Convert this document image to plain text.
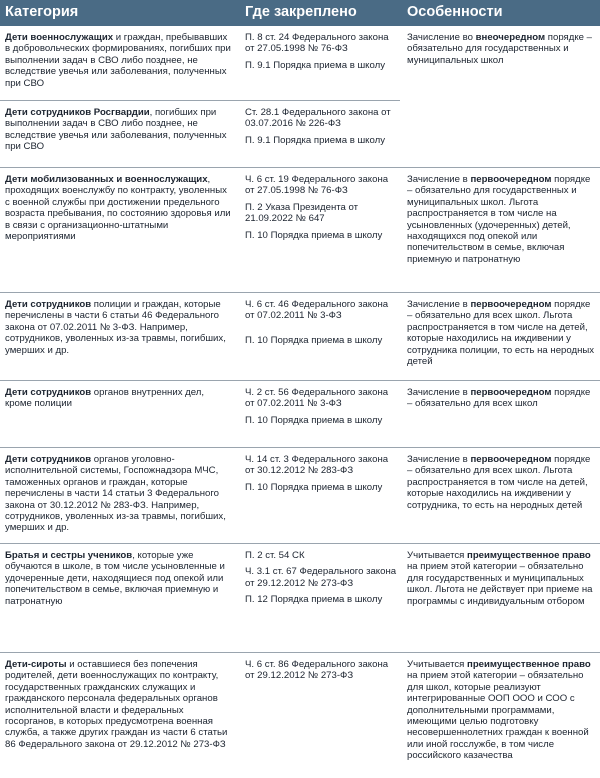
Категория	Где закреплено	Особенности
Дети военнослужащих и граждан, пребывавших в добровольческих формированиях, погибших при выполнении задач в СВО либо позднее, не вследствие увечья или заболевания, полученных при СВО

П. 8 ст. 24 Федерального закона от 27.05.1998 № 76-ФЗ

П. 9.1 Порядка приема в школу

Зачисление во внеочередном порядке – обязательно для государственных и муниципальных школ
Дети сотрудников Росгвардии, погибших при выполнении задач в СВО либо позднее, не вследствие увечья или заболевания, полученных при СВО

Ст. 28.1 Федерального закона от 03.07.2016 № 226-ФЗ

П. 9.1 Порядка приема в школу

Дети мобилизованных и военнослужащих, проходящих военслужбу по контракту, уволенных с военной службы при достижении предельного возраста пребывания, по состоянию здоровья или в связи с организационно-штатными мероприятиями

Ч. 6 ст. 19 Федерального закона от 27.05.1998 № 76-ФЗ

П. 2 Указа Президента от 21.09.2022 № 647

П. 10 Порядка приема в школу

Зачисление в первоочередном порядке – обязательно для государственных и муниципальных школ. Льгота распространяется в том числе на усыновленных (удочеренных) детей, находящихся под опекой или попечительством в семье, включая приемную и патронатную
Дети сотрудников полиции и граждан, которые перечислены в части 6 статьи 46 Федерального закона от 07.02.2011 № 3-ФЗ. Например, сотрудников, уволенных из-за травмы, погибших, умерших и др.

Ч. 6 ст. 46 Федерального закона от 07.02.2011 № 3-ФЗ

П. 10 Порядка приема в школу

Зачисление в первоочередном порядке – обязательно для всех школ. Льгота распространяется в том числе на детей, которые находились на иждивении у сотрудника полиции, то есть на неродных детей
Дети сотрудников органов внутренних дел, кроме полиции

Ч. 2 ст. 56 Федерального закона от 07.02.2011 № 3-ФЗ

П. 10 Порядка приема в школу

Зачисление в первоочередном порядке – обязательно для всех школ
Дети сотрудников органов уголовно-исполнительной системы, Госпожнадзора МЧС, таможенных органов и граждан, которые перечислены в части 14 статьи 3 Федерального закона от 30.12.2012 № 283-ФЗ. Например, сотрудников, уволенных из-за травмы, погибших, умерших и др.

Ч. 14 ст. 3 Федерального закона от 30.12.2012 № 283-ФЗ

П. 10 Порядка приема в школу

Зачисление в первоочередном порядке – обязательно для всех школ. Льгота распространяется в том числе на детей, которые находились на иждивении у сотрудника, то есть на неродных детей
Братья и сестры учеников, которые уже обучаются в школе, в том числе усыновленные и удочеренные дети, находящиеся под опекой или попечительством в семье, включая приемную и патронатную

П. 2 ст. 54 СК

Ч. 3.1 ст. 67 Федерального закона от 29.12.2012 № 273-ФЗ

П. 12 Порядка приема в школу

Учитывается преимущественное право на прием этой категории – обязательно для государственных и муниципальных школ. Льгота не действует при приеме на программы с индивидуальным отбором
Дети-сироты и оставшиеся без попечения родителей, дети военнослужащих по контракту, государственных гражданских служащих и гражданского персонала федеральных органов исполнительной власти и федеральных госорганов, в которых предусмотрена военная служба, а также других граждан из части 6 статьи 86 Федерального закона от 29.12.2012 № 273-ФЗ

Ч. 6 ст. 86 Федерального закона от 29.12.2012 № 273-ФЗ

Учитывается преимущественное право на прием этой категории – обязательно для школ, которые реализуют интегрированные ООП ООО и СОО с дополнительными программами, имеющими целью подготовку несовершеннолетних граждан к военной или иной госслужбе, в том числе российского казачества
